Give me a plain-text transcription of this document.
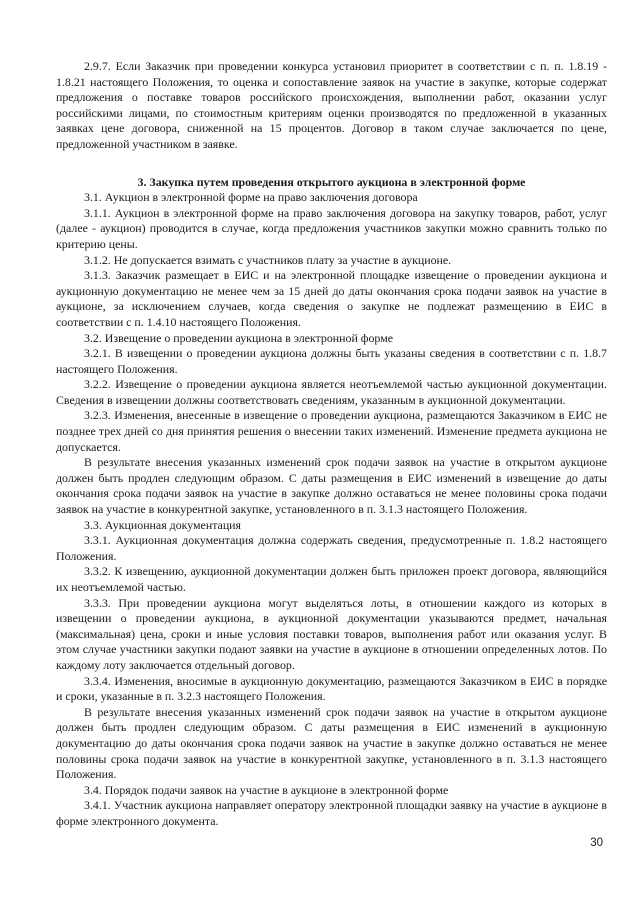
2.9.7. Если Заказчик при проведении конкурса установил приоритет в соответствии с п. п. 1.8.19 - 1.8.21 настоящего Положения, то оценка и сопоставление заявок на участие в закупке, которые содержат предложения о поставке товаров российского происхождения, выполнении работ, оказании услуг российскими лицами, по стоимостным критериям оценки производятся по предложенной в указанных заявках цене договора, сниженной на 15 процентов. Договор в таком случае заключается по цене, предложенной участником в заявке.

3. Закупка путем проведения открытого аукциона в электронной форме

3.1. Аукцион в электронной форме на право заключения договора

3.1.1. Аукцион в электронной форме на право заключения договора на закупку товаров, работ, услуг (далее - аукцион) проводится в случае, когда предложения участников закупки можно сравнить только по критерию цены.

3.1.2. Не допускается взимать с участников плату за участие в аукционе.

3.1.3. Заказчик размещает в ЕИС и на электронной площадке извещение о проведении аукциона и аукционную документацию не менее чем за 15 дней до даты окончания срока подачи заявок на участие в аукционе, за исключением случаев, когда сведения о закупке не подлежат размещению в ЕИС в соответствии с п. 1.4.10 настоящего Положения.

3.2. Извещение о проведении аукциона в электронной форме

3.2.1. В извещении о проведении аукциона должны быть указаны сведения в соответствии с п. 1.8.7 настоящего Положения.

3.2.2. Извещение о проведении аукциона является неотъемлемой частью аукционной документации. Сведения в извещении должны соответствовать сведениям, указанным в аукционной документации.

3.2.3. Изменения, внесенные в извещение о проведении аукциона, размещаются Заказчиком в ЕИС не позднее трех дней со дня принятия решения о внесении таких изменений. Изменение предмета аукциона не допускается.

В результате внесения указанных изменений срок подачи заявок на участие в открытом аукционе должен быть продлен следующим образом. С даты размещения в ЕИС изменений в извещение до даты окончания срока подачи заявок на участие в закупке должно оставаться не менее половины срока подачи заявок на участие в конкурентной закупке, установленного в п. 3.1.3 настоящего Положения.

3.3. Аукционная документация

3.3.1. Аукционная документация должна содержать сведения, предусмотренные п. 1.8.2 настоящего Положения.

3.3.2. К извещению, аукционной документации должен быть приложен проект договора, являющийся их неотъемлемой частью.

3.3.3. При проведении аукциона могут выделяться лоты, в отношении каждого из которых в извещении о проведении аукциона, в аукционной документации указываются предмет, начальная (максимальная) цена, сроки и иные условия поставки товаров, выполнения работ или оказания услуг. В этом случае участники закупки подают заявки на участие в аукционе в отношении определенных лотов. По каждому лоту заключается отдельный договор.

3.3.4. Изменения, вносимые в аукционную документацию, размещаются Заказчиком в ЕИС в порядке и сроки, указанные в п. 3.2.3 настоящего Положения.

В результате внесения указанных изменений срок подачи заявок на участие в открытом аукционе должен быть продлен следующим образом. С даты размещения в ЕИС изменений в аукционную документацию до даты окончания срока подачи заявок на участие в закупке должно оставаться не менее половины срока подачи заявок на участие в конкурентной закупке, установленного в п. 3.1.3 настоящего Положения.

3.4. Порядок подачи заявок на участие в аукционе в электронной форме

3.4.1. Участник аукциона направляет оператору электронной площадки заявку на участие в аукционе в форме электронного документа.

30
